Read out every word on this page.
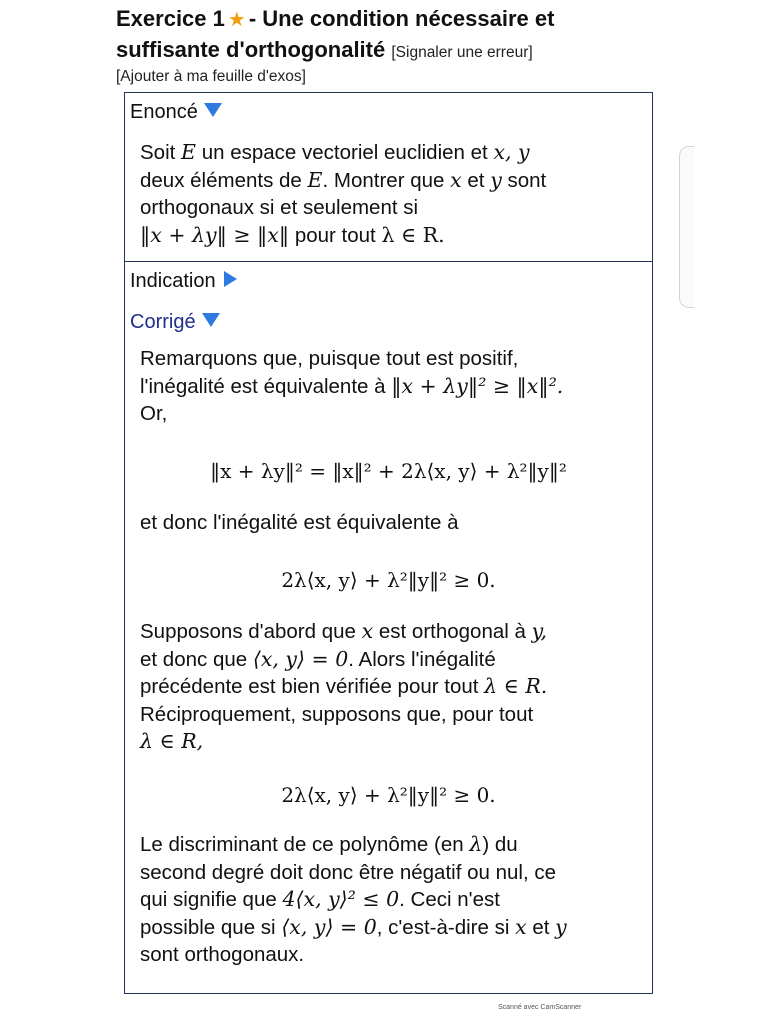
Exercice 1 ★ - Une condition nécessaire et
suffisante d'orthogonalité [Signaler une erreur]
[Ajouter à ma feuille d'exos]
Enoncé

Soit E un espace vectoriel euclidien et x, y
deux éléments de E. Montrer que x et y sont
orthogonaux si et seulement si
‖x + λy‖ ≥ ‖x‖ pour tout λ ∈ R.

Indication
Corrigé

Remarquons que, puisque tout est positif,
l'inégalité est équivalente à ‖x + λy‖² ≥ ‖x‖².
Or,

‖x + λy‖² = ‖x‖² + 2λ⟨x, y⟩ + λ²‖y‖²

et donc l'inégalité est équivalente à

2λ⟨x, y⟩ + λ²‖y‖² ≥ 0.

Supposons d'abord que x est orthogonal à y,
et donc que ⟨x, y⟩ = 0. Alors l'inégalité
précédente est bien vérifiée pour tout λ ∈ R.
Réciproquement, supposons que, pour tout
λ ∈ R,

2λ⟨x, y⟩ + λ²‖y‖² ≥ 0.

Le discriminant de ce polynôme (en λ) du
second degré doit donc être négatif ou nul, ce
qui signifie que 4⟨x, y⟩² ≤ 0. Ceci n'est
possible que si ⟨x, y⟩ = 0, c'est-à-dire si x et y
sont orthogonaux.

Scanné avec CamScanner
